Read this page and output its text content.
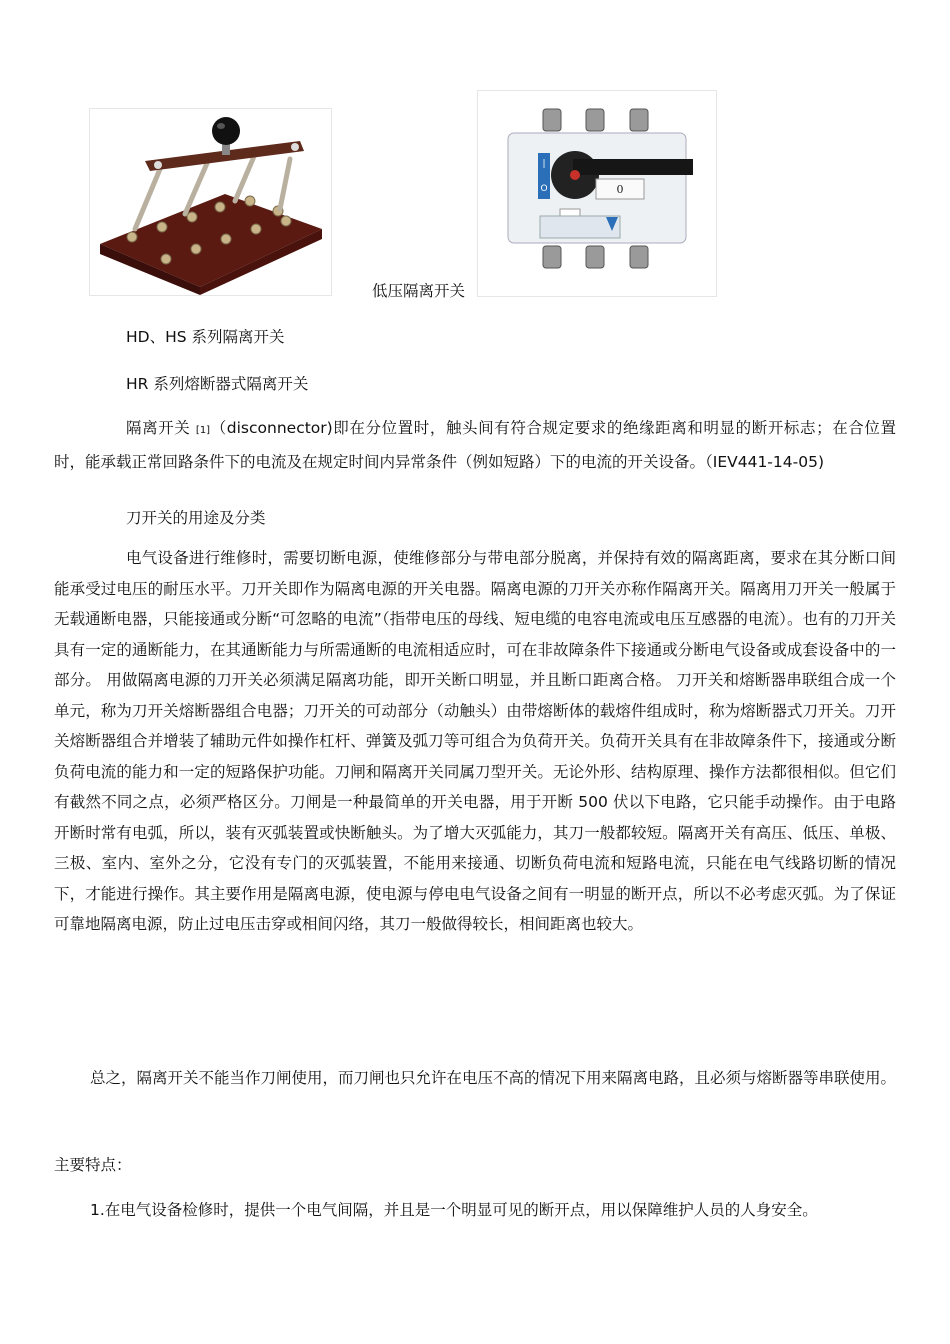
低压隔离开关
|
O	0
HD、HS 系列隔离开关
HR 系列熔断器式隔离开关
隔离开关 [1]（disconnector)即在分位置时，触头间有符合规定要求的绝缘距离和明显的断开标志；在合位置时，能承载正常回路条件下的电流及在规定时间内异常条件（例如短路）下的电流的开关设备。（IEV441-14-05)
刀开关的用途及分类
电气设备进行维修时，需要切断电源，使维修部分与带电部分脱离，并保持有效的隔离距离，要求在其分断口间能承受过电压的耐压水平。刀开关即作为隔离电源的开关电器。隔离电源的刀开关亦称作隔离开关。隔离用刀开关一般属于无载通断电器，只能接通或分断“可忽略的电流”（指带电压的母线、短电缆的电容电流或电压互感器的电流）。也有的刀开关具有一定的通断能力，在其通断能力与所需通断的电流相适应时，可在非故障条件下接通或分断电气设备或成套设备中的一部分。 用做隔离电源的刀开关必须满足隔离功能，即开关断口明显，并且断口距离合格。 刀开关和熔断器串联组合成一个单元，称为刀开关熔断器组合电器；刀开关的可动部分（动触头）由带熔断体的载熔件组成时，称为熔断器式刀开关。刀开关熔断器组合并增装了辅助元件如操作杠杆、弹簧及弧刀等可组合为负荷开关。负荷开关具有在非故障条件下，接通或分断负荷电流的能力和一定的短路保护功能。刀闸和隔离开关同属刀型开关。无论外形、结构原理、操作方法都很相似。但它们有截然不同之点，必须严格区分。刀闸是一种最简单的开关电器，用于开断 500 伏以下电路，它只能手动操作。由于电路开断时常有电弧，所以，装有灭弧装置或快断触头。为了增大灭弧能力，其刀一般都较短。隔离开关有高压、低压、单极、三极、室内、室外之分，它没有专门的灭弧装置，不能用来接通、切断负荷电流和短路电流，只能在电气线路切断的情况下，才能进行操作。其主要作用是隔离电源，使电源与停电电气设备之间有一明显的断开点，所以不必考虑灭弧。为了保证可靠地隔离电源，防止过电压击穿或相间闪络，其刀一般做得较长，相间距离也较大。
总之，隔离开关不能当作刀闸使用，而刀闸也只允许在电压不高的情况下用来隔离电路，且必须与熔断器等串联使用。
主要特点：
1.在电气设备检修时，提供一个电气间隔，并且是一个明显可见的断开点，用以保障维护人员的人身安全。
